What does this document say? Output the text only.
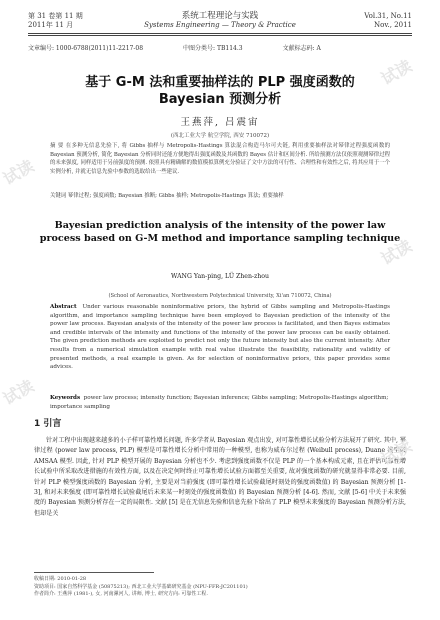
第 31 卷第 11 期
2011年 11 月
系统工程理论与实践
Systems Engineering — Theory & Practice
Vol.31, No.11
Nov., 2011
文章编号: 1000-6788(2011)11-2217-08	中图分类号: TB114.3	文献标志码: A
基于 G-M 法和重要抽样法的 PLP 强度函数的
Bayesian 预测分析
王燕萍, 吕震宙
(西北工业大学 航空学院, 西安 710072)
摘 要 在多种无信息先验下, 将 Gibbs 抽样与 Metropolis-Hastings 算法混合构造马尔可夫链, 利用重要抽样法对幂律过程强度函数的 Bayesian 预测分析, 简化 Bayesian 分析同时还能方便地得出强度函数及其函数的 Bayes 估计和区间分析. 所给预测方法仅依照观测幂律过程的未来强度, 同样适用于另前强度的预测. 依照具有精确解的数值模拟算例充分验证了文中方法的可行性、合理性和有效性之后, 将其应用于一个实例分析, 并就无信息先验中参数的选取给出一些建议.
关键词 幂律过程; 强度函数; Bayesian 推断; Gibbs 抽样; Metropolis-Hastings 算法; 重要抽样
Bayesian prediction analysis of the intensity of the power law process based on G-M method and importance sampling technique
WANG Yan-ping, LÜ Zhen-zhou
(School of Aeronautics, Northwestern Polytechnical University, Xi'an 710072, China)
Abstract Under various reasonable noninformative priors, the hybrid of Gibbs sampling and Metropolis-Hastings algorithm, and importance sampling technique have been employed to Bayesian prediction of the intensity of the power law process. Bayesian analysis of the intensity of the power law process is facilitated, and then Bayes estimates and credible intervals of the intensity and functions of the intensity of the power law process can be easily obtained. The given prediction methods are exploited to predict not only the future intensity but also the current intensity. After results from a numerical simulation example with real value illustrate the feasibility, rationality and validity of presented methods, a real example is given. As for selection of noninformative priors, this paper provides some advices.
Keywords power law process; intensity function; Bayesian inference; Gibbs sampling; Metropolis-Hastings algorithm; importance sampling
1 引言
针对工程中出现越来越多的小子样可靠性增长问题, 许多学者从 Bayesian 观点出发, 对可靠性增长试验分析方法展开了研究. 其中, 幂律过程 (power law process, PLP) 模型是可靠性增长分析中常用的一种模型, 也称为威布尔过程 (Weibull process), Duane 模型或 AMSAA 模型. 因此, 针对 PLP 模型开展的 Bayesian 分析也不少. 考虑到强度函数不仅是 PLP 的一个基本构成元素, 且在评估可靠性增长试验中所采取改进措施的有效性方面, 以及在决定何时终止可靠性增长试验方面都至关重要, 故对强度函数的研究就显得非常必要. 目前, 针对 PLP 模型强度函数的 Bayesian 分析, 主要是对当前强度 (即可靠性增长试验截尾时刻处的强度函数值) 的 Bayesian 预测分析 [1-3], 和对未来强度 (即可靠性增长试验截尾后未来某一时刻处的强度函数值) 的 Bayesian 预测分析 [4-6]. 然而, 文献 [5-6] 中关于未来强度的 Bayesian 预测分析存在一定的局限性. 文献 [5] 是在无信息先验和信息先验下给出了 PLP 模型未来强度的 Bayesian 预测分析方法, 但却是关
收稿日期: 2010-01-28
资助项目: 国家自然科学基金 (50875213); 西北工业大学基础研究基金 (NPU-FFR-JC201101)
作者简介: 王燕萍 (1981-), 女, 河南漯河人, 讲师, 博士, 研究方向: 可靠性工程.
试读
试读
试读
试读
试读
